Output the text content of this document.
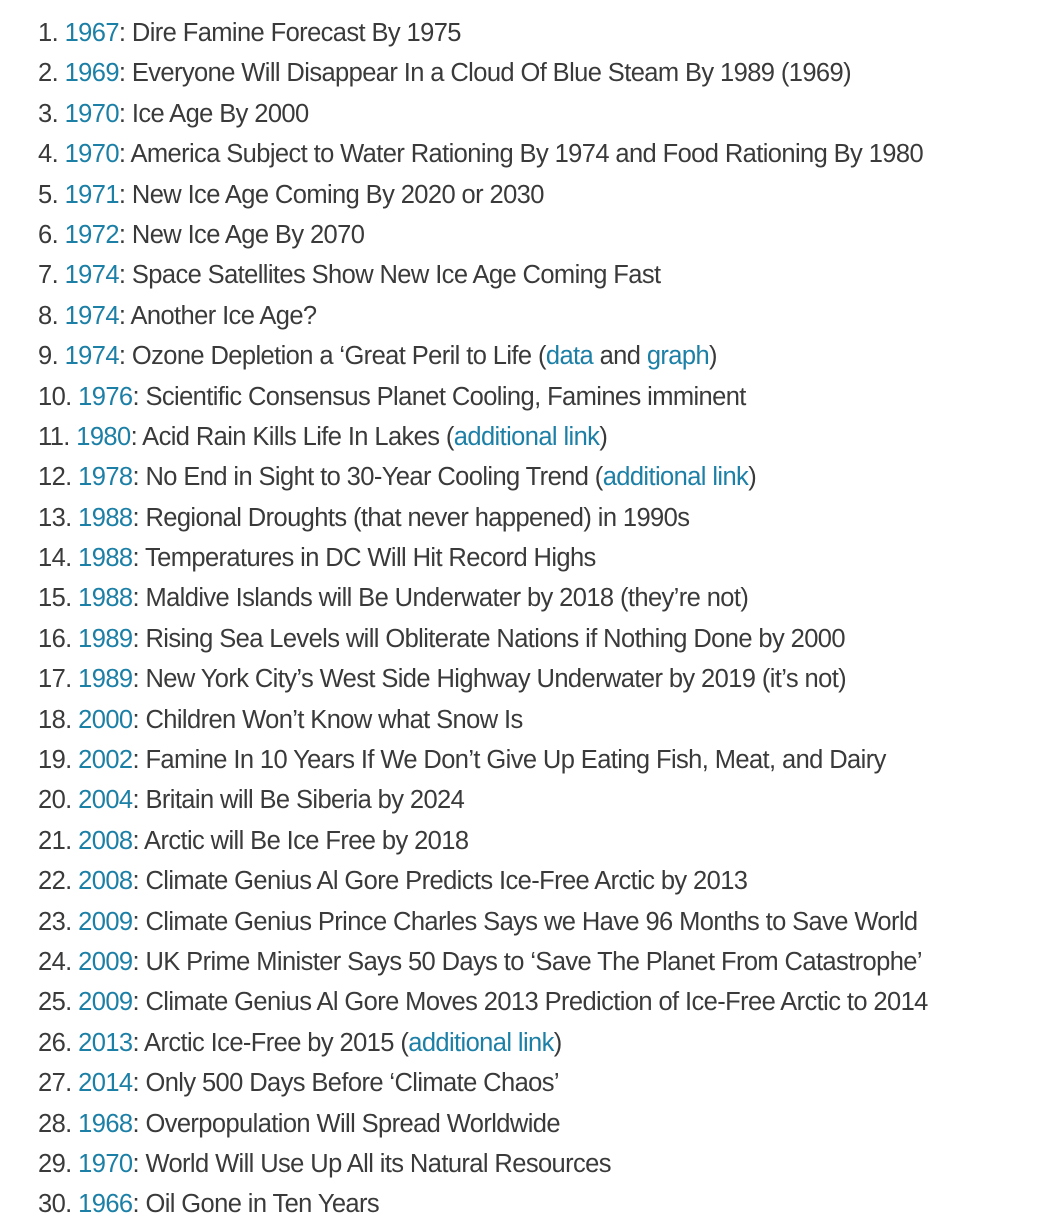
1. 1967: Dire Famine Forecast By 1975
2. 1969: Everyone Will Disappear In a Cloud Of Blue Steam By 1989 (1969)
3. 1970: Ice Age By 2000
4. 1970: America Subject to Water Rationing By 1974 and Food Rationing By 1980
5. 1971: New Ice Age Coming By 2020 or 2030
6. 1972: New Ice Age By 2070
7. 1974: Space Satellites Show New Ice Age Coming Fast
8. 1974: Another Ice Age?
9. 1974: Ozone Depletion a ‘Great Peril to Life (data and graph)
10. 1976: Scientific Consensus Planet Cooling, Famines imminent
11. 1980: Acid Rain Kills Life In Lakes (additional link)
12. 1978: No End in Sight to 30-Year Cooling Trend (additional link)
13. 1988: Regional Droughts (that never happened) in 1990s
14. 1988: Temperatures in DC Will Hit Record Highs
15. 1988: Maldive Islands will Be Underwater by 2018 (they’re not)
16. 1989: Rising Sea Levels will Obliterate Nations if Nothing Done by 2000
17. 1989: New York City’s West Side Highway Underwater by 2019 (it’s not)
18. 2000: Children Won’t Know what Snow Is
19. 2002: Famine In 10 Years If We Don’t Give Up Eating Fish, Meat, and Dairy
20. 2004: Britain will Be Siberia by 2024
21. 2008: Arctic will Be Ice Free by 2018
22. 2008: Climate Genius Al Gore Predicts Ice-Free Arctic by 2013
23. 2009: Climate Genius Prince Charles Says we Have 96 Months to Save World
24. 2009: UK Prime Minister Says 50 Days to ‘Save The Planet From Catastrophe’
25. 2009: Climate Genius Al Gore Moves 2013 Prediction of Ice-Free Arctic to 2014
26. 2013: Arctic Ice-Free by 2015 (additional link)
27. 2014: Only 500 Days Before ‘Climate Chaos’
28. 1968: Overpopulation Will Spread Worldwide
29. 1970: World Will Use Up All its Natural Resources
30. 1966: Oil Gone in Ten Years
